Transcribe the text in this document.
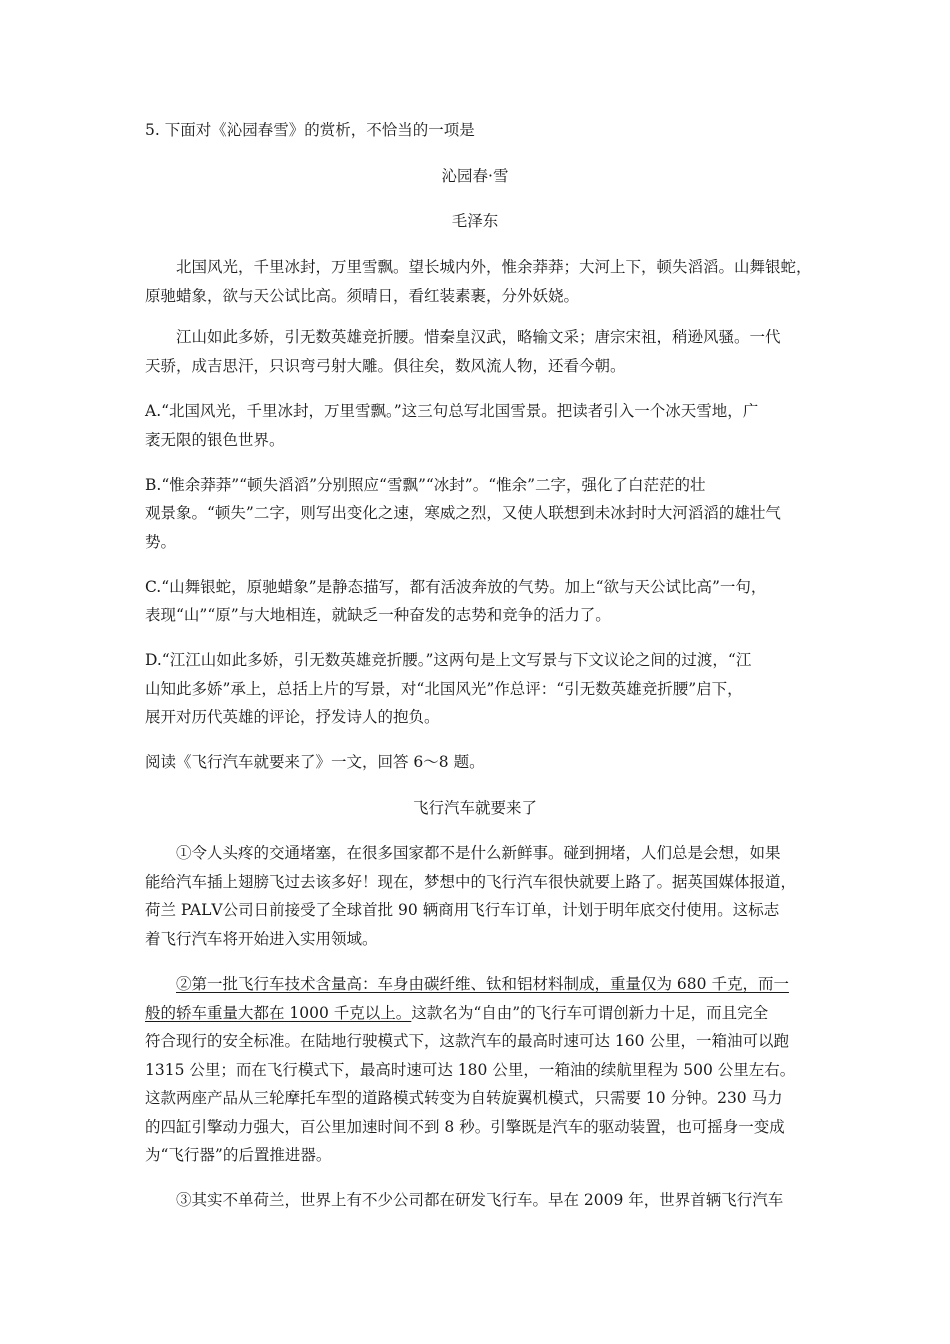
5. 下面对《沁园春雪》的赏析，不恰当的一项是
沁园春·雪
毛泽东
北国风光，千里冰封，万里雪飘。望长城内外，惟余莽莽；大河上下，顿失滔滔。山舞银蛇，
原驰蜡象，欲与天公试比高。须晴日，看红装素裹，分外妖娆。
江山如此多娇，引无数英雄竞折腰。惜秦皇汉武，略输文采；唐宗宋祖，稍逊风骚。一代
天骄，成吉思汗，只识弯弓射大雕。俱往矣，数风流人物，还看今朝。
A.“北国风光，千里冰封，万里雪飘。”这三句总写北国雪景。把读者引入一个冰天雪地，广
袤无限的银色世界。
B.“惟余莽莽”“顿失滔滔”分别照应“雪飘”“冰封”。“惟余”二字，强化了白茫茫的壮
观景象。“顿失”二字，则写出变化之速，寒威之烈，又使人联想到未冰封时大河滔滔的雄壮气
势。
C.“山舞银蛇，原驰蜡象”是静态描写，都有活波奔放的气势。加上“欲与天公试比高”一句，
表现“山”“原”与大地相连，就缺乏一种奋发的志势和竞争的活力了。
D.“江江山如此多娇，引无数英雄竞折腰。”这两句是上文写景与下文议论之间的过渡，“江
山知此多娇”承上，总括上片的写景，对“北国风光”作总评：“引无数英雄竞折腰”启下，
展开对历代英雄的评论，抒发诗人的抱负。
阅读《飞行汽车就要来了》一文，回答 6～8 题。
飞行汽车就要来了
①令人头疼的交通堵塞，在很多国家都不是什么新鲜事。碰到拥堵，人们总是会想，如果
能给汽车插上翅膀飞过去该多好！现在，梦想中的飞行汽车很快就要上路了。据英国媒体报道，
荷兰 PALⅤ公司日前接受了全球首批 90 辆商用飞行车订单，计划于明年底交付使用。这标志
着飞行汽车将开始进入实用领域。
②第一批飞行车技术含量高：车身由碳纤维、钛和铝材料制成，重量仅为 680 千克，而一
般的轿车重量大都在 1000 千克以上。这款名为“自由”的飞行车可谓创新力十足，而且完全
符合现行的安全标准。在陆地行驶模式下，这款汽车的最高时速可达 160 公里，一箱油可以跑
1315 公里；而在飞行模式下，最高时速可达 180 公里，一箱油的续航里程为 500 公里左右。
这款两座产品从三轮摩托车型的道路模式转变为自转旋翼机模式，只需要 10 分钟。230 马力
的四缸引擎动力强大，百公里加速时间不到 8 秒。引擎既是汽车的驱动装置，也可摇身一变成
为“飞行器”的后置推进器。
③其实不单荷兰，世界上有不少公司都在研发飞行车。早在 2009 年，世界首辆飞行汽车
